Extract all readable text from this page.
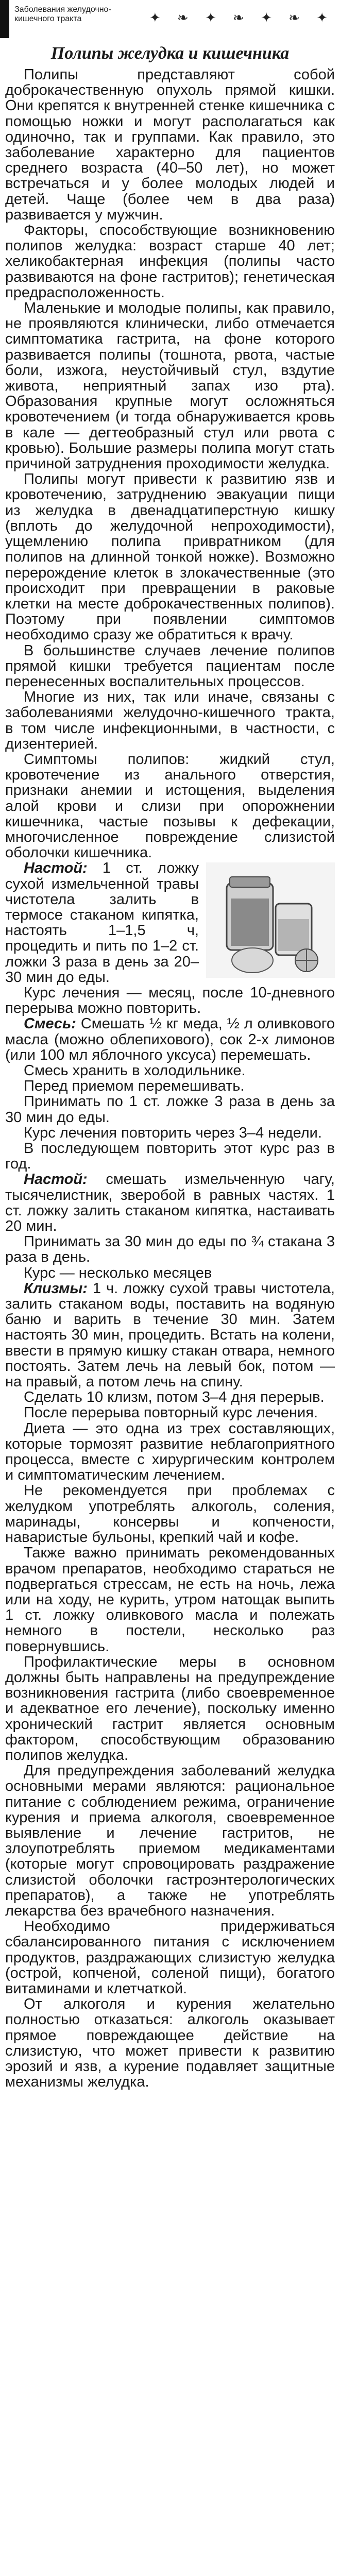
Заболевания желудочно-
кишечного тракта	✦ ❧ ✦ ❧ ✦ ❧ ✦
Полипы желудка и кишечника

Полипы представляют собой доброкачественную опухоль прямой кишки. Они крепятся к внутренней стенке кишечника с помощью ножки и могут располагаться как одиночно, так и группами. Как правило, это заболевание характерно для пациентов среднего возраста (40–50 лет), но может встречаться и у более молодых людей и детей. Чаще (более чем в два раза) развивается у мужчин.

Факторы, способствующие возникновению полипов желудка: возраст старше 40 лет; хеликобактерная инфекция (полипы часто развиваются на фоне гастритов); генетическая предрасположенность.

Маленькие и молодые полипы, как правило, не проявляются клинически, либо отмечается симптоматика гастрита, на фоне которого развивается полипы (тошнота, рвота, частые боли, изжога, неустойчивый стул, вздутие живота, неприятный запах изо рта). Образования крупные могут осложняться кровотечением (и тогда обнаруживается кровь в кале — дегтеобразный стул или рвота с кровью). Большие размеры полипа могут стать причиной затруднения проходимости желудка.

Полипы могут привести к развитию язв и кровотечению, затруднению эвакуации пищи из желудка в двенадцатиперстную кишку (вплоть до желудочной непроходимости), ущемлению полипа привратником (для полипов на длинной тонкой ножке). Возможно перерождение клеток в злокачественные (это происходит при превращении в раковые клетки на месте доброкачественных полипов). Поэтому при появлении симптомов необходимо сразу же обратиться к врачу.

В большинстве случаев лечение полипов прямой кишки требуется пациентам после перенесенных воспалительных процессов.

Многие из них, так или иначе, связаны с заболеваниями желудочно-кишечного тракта, в том числе инфекционными, в частности, с дизентерией.

Симптомы полипов: жидкий стул, кровотечение из анального отверстия, признаки анемии и истощения, выделения алой крови и слизи при опорожнении кишечника, частые позывы к дефекации, многочисленное повреждение слизистой оболочки кишечника.

Настой: 1 ст. ложку сухой измельченной травы чистотела залить в термосе стаканом кипятка, настоять 1–1,5 ч, процедить и пить по 1–2 ст. ложки 3 раза в день за 20–30 мин до еды.

Курс лечения — месяц, после 10-дневного перерыва можно повторить.

Смесь: Смешать ½ кг меда, ½ л оливкового масла (можно облепихового), сок 2-х лимонов (или 100 мл яблочного уксуса) перемешать.

Смесь хранить в холодильнике.

Перед приемом перемешивать.

Принимать по 1 ст. ложке 3 раза в день за 30 мин до еды.

Курс лечения повторить через 3–4 недели.

В последующем повторить этот курс раз в год.

Настой: смешать измельченную чагу, тысячелистник, зверобой в равных частях. 1 ст. ложку залить стаканом кипятка, настаивать 20 мин.

Принимать за 30 мин до еды по ¾ стакана 3 раза в день.

Курс — несколько месяцев

Клизмы: 1 ч. ложку сухой травы чистотела, залить стаканом воды, поставить на водяную баню и варить в течение 30 мин. Затем настоять 30 мин, процедить. Встать на колени, ввести в прямую кишку стакан отвара, немного постоять. Затем лечь на левый бок, потом — на правый, а потом лечь на спину.

Сделать 10 клизм, потом 3–4 дня перерыв.

После перерыва повторный курс лечения.

Диета — это одна из трех составляющих, которые тормозят развитие неблагоприятного процесса, вместе с хирургическим контролем и симптоматическим лечением.

Не рекомендуется при проблемах с желудком употреблять алкоголь, соления, маринады, консервы и копчености, наваристые бульоны, крепкий чай и кофе.

Также важно принимать рекомендованных врачом препаратов, необходимо стараться не подвергаться стрессам, не есть на ночь, лежа или на ходу, не курить, утром натощак выпить 1 ст. ложку оливкового масла и полежать немного в постели, несколько раз повернувшись.

Профилактические меры в основном должны быть направлены на предупреждение возникновения гастрита (либо своевременное и адекватное его лечение), поскольку именно хронический гастрит является основным фактором, способствующим образованию полипов желудка.

Для предупреждения заболеваний желудка основными мерами являются: рациональное питание с соблюдением режима, ограничение курения и приема алкоголя, своевременное выявление и лечение гастритов, не злоупотреблять приемом медикаментами (которые могут спровоцировать раздражение слизистой оболочки гастроэнтерологических препаратов), а также не употреблять лекарства без врачебного назначения.

Необходимо придерживаться сбалансированного питания с исключением продуктов, раздражающих слизистую желудка (острой, копченой, соленой пищи), богатого витаминами и клетчаткой.

От алкоголя и курения желательно полностью отказаться: алкоголь оказывает прямое повреждающее действие на слизистую, что может привести к развитию эрозий и язв, а курение подавляет защитные механизмы желудка.
